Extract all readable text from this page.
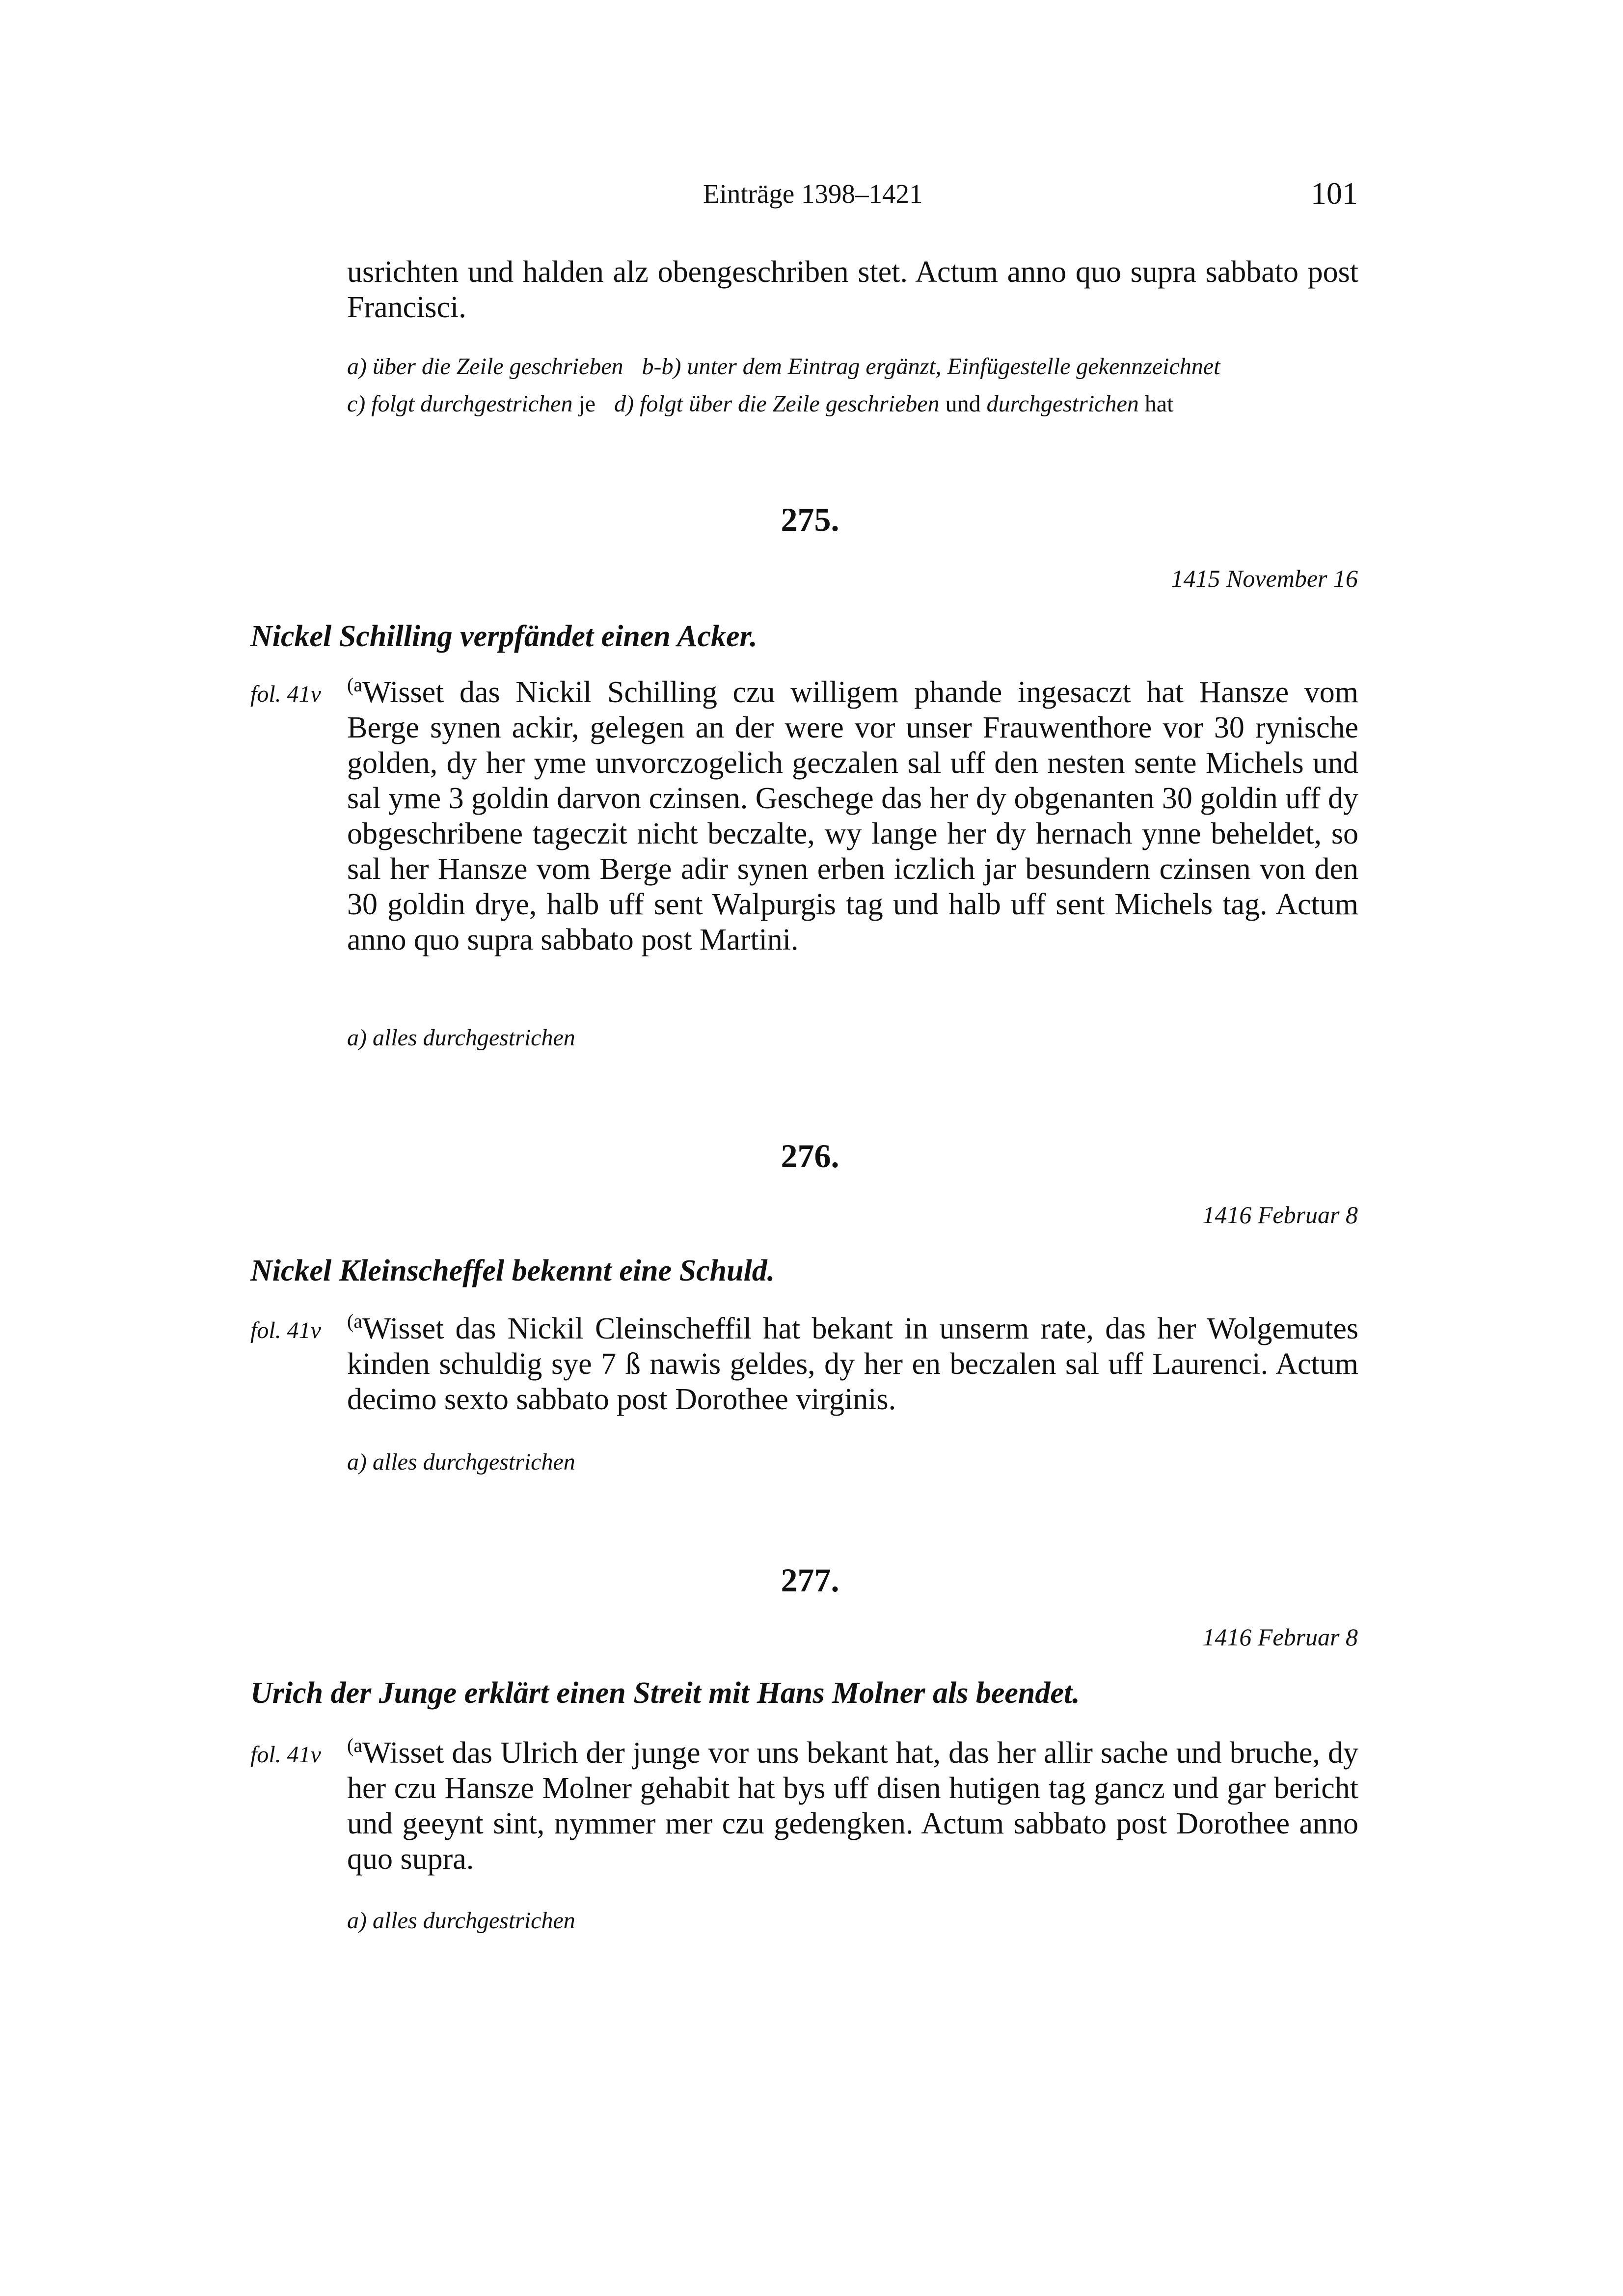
Einträge 1398–1421	101
usrichten und halden alz obengeschriben stet. Actum anno quo supra sabbato post Francisci.
a) über die Zeile geschrieben b-b) unter dem Eintrag ergänzt, Einfügestelle gekennzeichnet
c) folgt durchgestrichen je d) folgt über die Zeile geschrieben und durchgestrichen hat
275.
1415 November 16
Nickel Schilling verpfändet einen Acker.
fol. 41v $^{(a}$Wisset das Nickil Schilling czu willigem phande ingesaczt hat Hansze vom Berge synen ackir, gelegen an der were vor unser Frauwenthore vor 30 rynische golden, dy her yme unvorczogelich geczalen sal uff den nesten sente Michels und sal yme 3 goldin darvon czinsen. Geschege das her dy obgenanten 30 goldin uff dy obgeschribene tageczit nicht beczalte, wy lange her dy hernach ynne beheldet, so sal her Hansze vom Berge adir synen erben iczlich jar besundern czinsen von den 30 goldin drye, halb uff sent Walpurgis tag und halb uff sent Michels tag. Actum anno quo supra sabbato post Martini.
a) alles durchgestrichen
276.
1416 Februar 8
Nickel Kleinscheffel bekennt eine Schuld.
fol. 41v $^{(a}$Wisset das Nickil Cleinscheffil hat bekant in unserm rate, das her Wolgemutes kinden schuldig sye 7 ß nawis geldes, dy her en beczalen sal uff Laurenci. Actum decimo sexto sabbato post Dorothee virginis.
a) alles durchgestrichen
277.
1416 Februar 8
Urich der Junge erklärt einen Streit mit Hans Molner als beendet.
fol. 41v $^{(a}$Wisset das Ulrich der junge vor uns bekant hat, das her allir sache und bruche, dy her czu Hansze Molner gehabit hat bys uff disen hutigen tag gancz und gar bericht und geeynt sint, nymmer mer czu gedengken. Actum sabbato post Dorothee anno quo supra.
a) alles durchgestrichen
